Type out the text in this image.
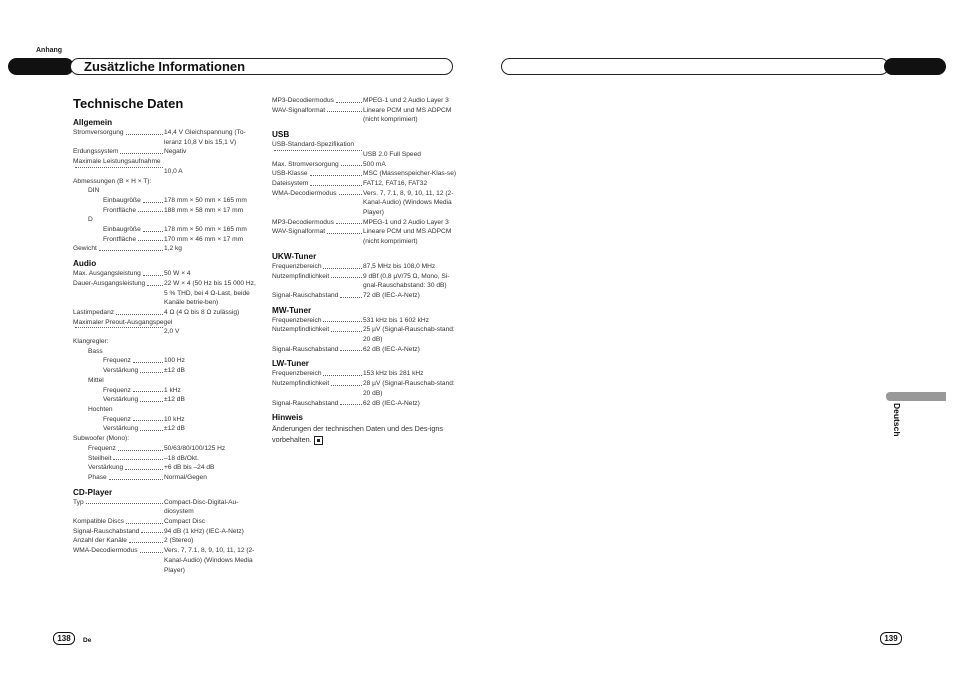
Anhang
Zusätzliche Informationen
Technische Daten
Allgemein
Stromversorgung	14,4 V Gleichspannung (To-leranz 10,8 V bis 15,1 V)
Erdungssystem	Negativ
Maximale Leistungsaufnahme
10,0 A
Abmessungen (B × H × T):
DIN
Einbaugröße	178 mm × 50 mm × 165 mm
Frontfläche	188 mm × 58 mm × 17 mm
D
Einbaugröße	178 mm × 50 mm × 165 mm
Frontfläche	170 mm × 46 mm × 17 mm
Gewicht	1,2 kg
Audio
Max. Ausgangsleistung	50 W × 4
Dauer-Ausgangsleistung	22 W × 4 (50 Hz bis 15 000 Hz, 5 % THD, bei 4 Ω-Last, beide Kanäle betrie-ben)
Lastimpedanz	4 Ω (4 Ω bis 8 Ω zulässig)
Maximaler Preout-Ausgangspegel
2,0 V
Klangregler:
Bass
Frequenz	100 Hz
Verstärkung	±12 dB
Mittel
Frequenz	1 kHz
Verstärkung	±12 dB
Hochten
Frequenz	10 kHz
Verstärkung	±12 dB
Subwoofer (Mono):
Frequenz	50/63/80/100/125 Hz
Steilheit	–18 dB/Okt.
Verstärkung	+6 dB bis –24 dB
Phase	Normal/Gegen
CD-Player
Typ	Compact-Disc-Digital-Au-diosystem
Kompatible Discs	Compact Disc
Signal-Rauschabstand	94 dB (1 kHz) (IEC-A-Netz)
Anzahl der Kanäle	2 (Stereo)
WMA-Decodiermodus	Vers. 7, 7.1, 8, 9, 10, 11, 12 (2-Kanal-Audio) (Windows Media Player)
MP3-Decodiermodus	MPEG-1 und 2 Audio Layer 3
WAV-Signalformat	Lineare PCM und MS ADPCM (nicht komprimiert)
USB
USB-Standard-Spezifikation
USB 2.0 Full Speed
Max. Stromversorgung	500 mA
USB-Klasse	MSC (Massenspeicher-Klas-se)
Dateisystem	FAT12, FAT16, FAT32
WMA-Decodiermodus	Vers. 7, 7.1, 8, 9, 10, 11, 12 (2-Kanal-Audio) (Windows Media Player)
MP3-Decodiermodus	MPEG-1 und 2 Audio Layer 3
WAV-Signalformat	Lineare PCM und MS ADPCM (nicht komprimiert)
UKW-Tuner
Frequenzbereich	87,5 MHz bis 108,0 MHz
Nutzempfindlichkeit	9 dBf (0,8 µV/75 Ω, Mono, Si-gnal-Rauschabstand: 30 dB)
Signal-Rauschabstand	72 dB (IEC-A-Netz)
MW-Tuner
Frequenzbereich	531 kHz bis 1 602 kHz
Nutzempfindlichkeit	25 µV (Signal-Rauschab-stand: 20 dB)
Signal-Rauschabstand	62 dB (IEC-A-Netz)
LW-Tuner
Frequenzbereich	153 kHz bis 281 kHz
Nutzempfindlichkeit	28 µV (Signal-Rauschab-stand: 20 dB)
Signal-Rauschabstand	62 dB (IEC-A-Netz)
Hinweis
Änderungen der technischen Daten und des Des-igns vorbehalten.
Deutsch
138	De	139
